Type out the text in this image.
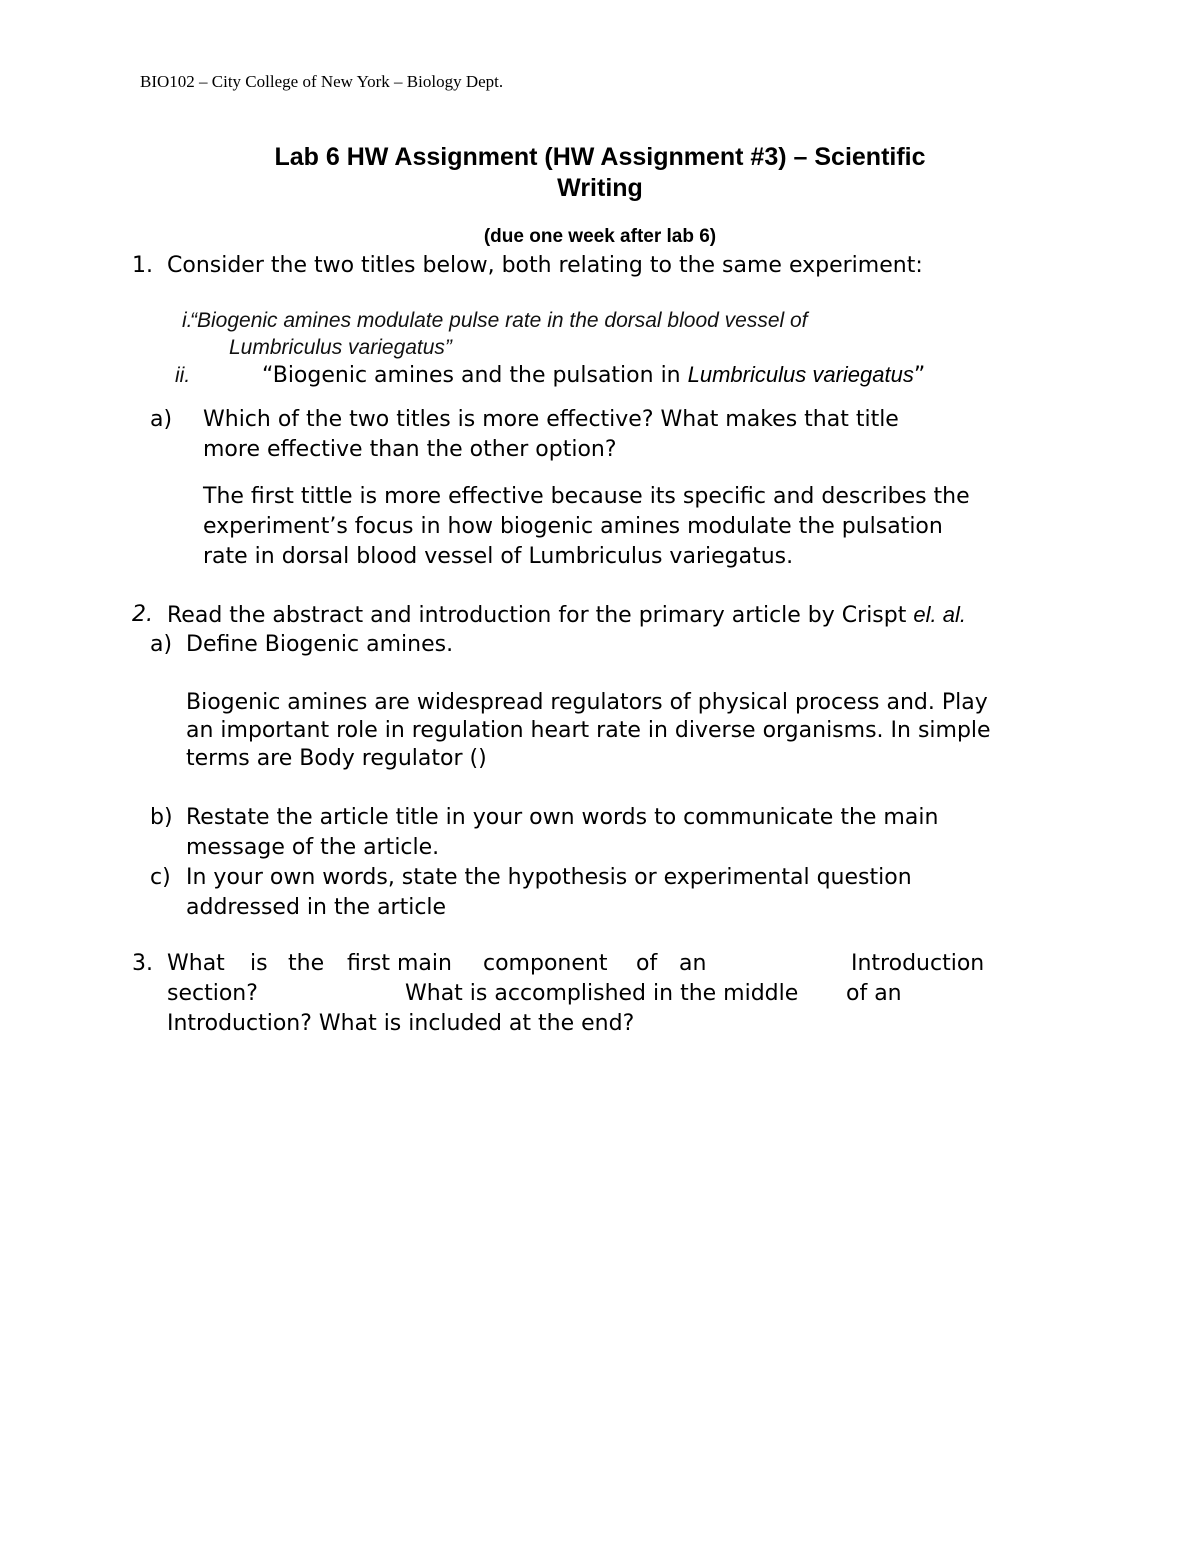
BIO102 – City College of New York – Biology Dept.
Lab 6 HW Assignment (HW Assignment #3) – Scientific
Writing
(due one week after lab 6)
1. Consider the two titles below, both relating to the same experiment:
i.
“Biogenic amines modulate pulse rate in the dorsal blood vessel of
Lumbriculus variegatus”
ii.	“Biogenic amines and the pulsation in Lumbriculus variegatus”
a) Which of the two titles is more effective? What makes that title
more effective than the other option?
The first tittle is more effective because its specific and describes the
experiment’s focus in how biogenic amines modulate the pulsation
rate in dorsal blood vessel of Lumbriculus variegatus.
2. Read the abstract and introduction for the primary article by Crispt el. al.
a) Define Biogenic amines.
Biogenic amines are widespread regulators of physical process and. Play
an important role in regulation heart rate in diverse organisms. In simple
terms are Body regulator ()
b) Restate the article title in your own words to communicate the main
message of the article.
c) In your own words, state the hypothesis or experimental question
addressed in the article
3. What is the first main component of an	Introduction
section?	What is accomplished in the middle of an
Introduction? What is included at the end?
